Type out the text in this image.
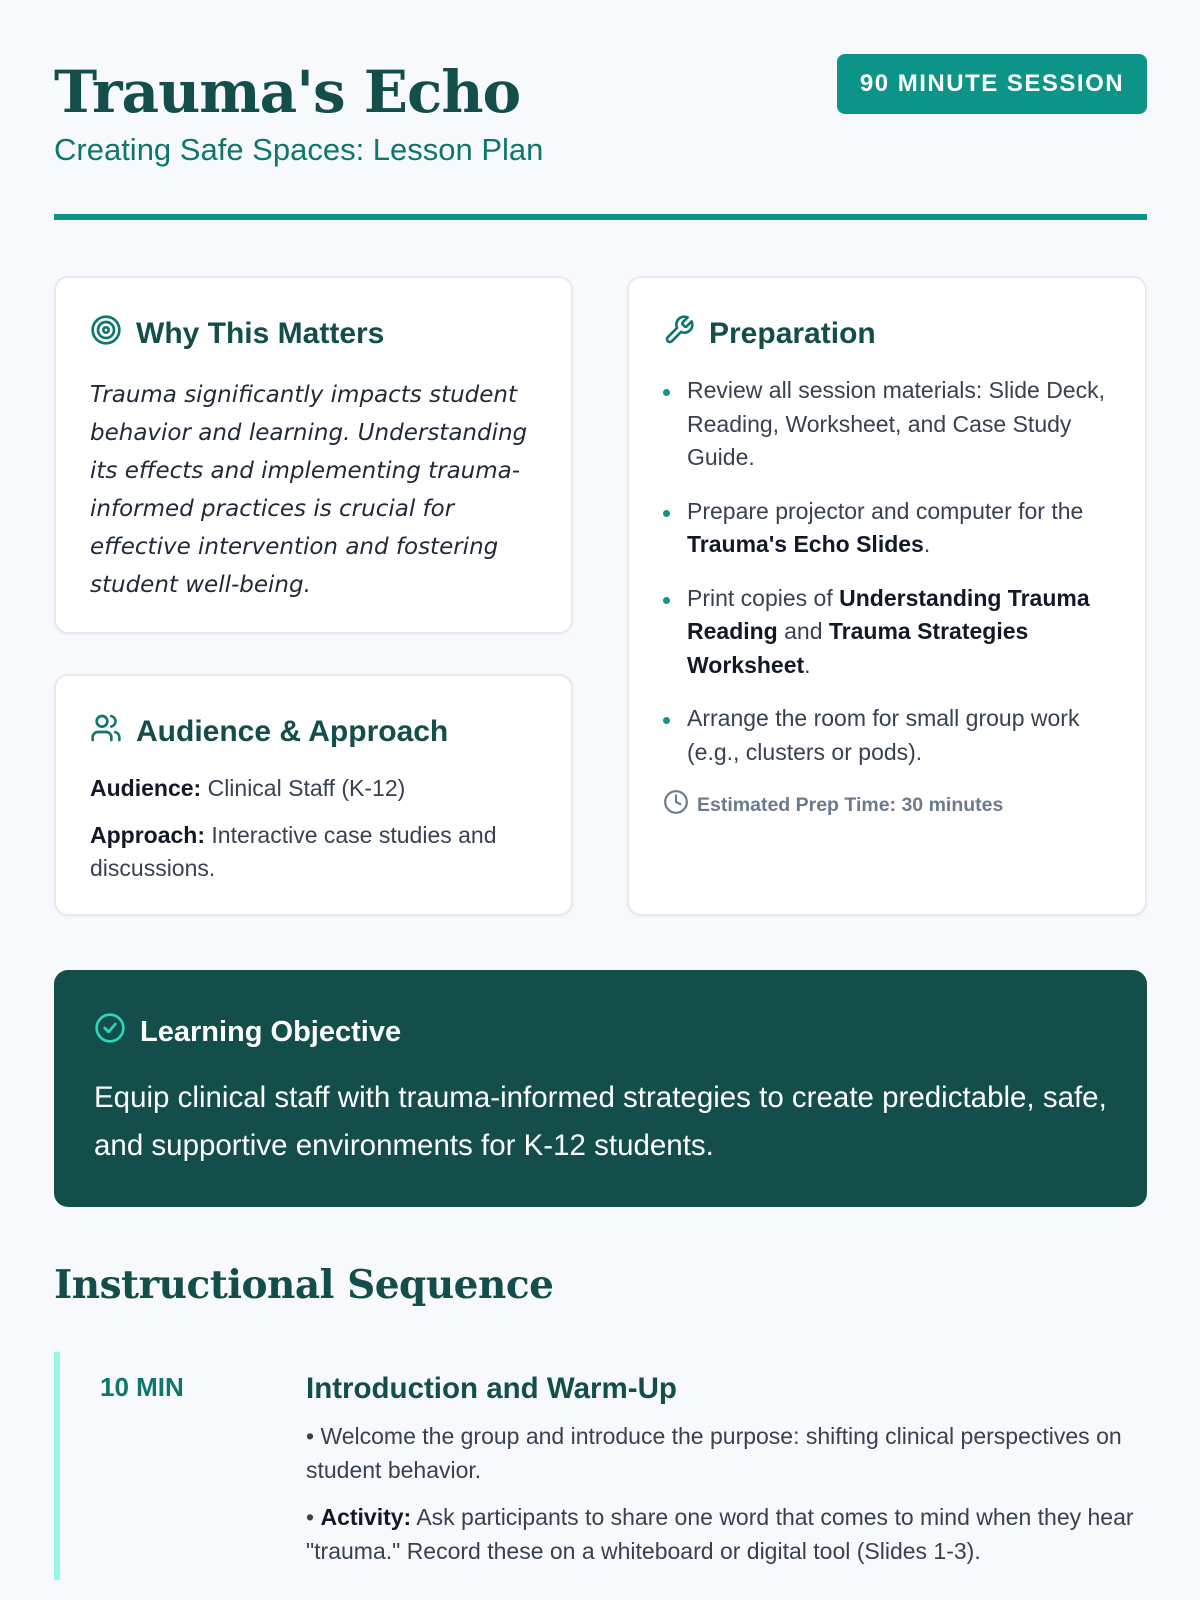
Trauma's Echo
Creating Safe Spaces: Lesson Plan
90 MINUTE SESSION
Why This Matters

Trauma significantly impacts student behavior and learning. Understanding its effects and implementing trauma-informed practices is crucial for effective intervention and fostering student well-being.

Audience & Approach

Audience: Clinical Staff (K-12)

Approach: Interactive case studies and discussions.

Preparation
Review all session materials: Slide Deck, Reading, Worksheet, and Case Study Guide.
Prepare projector and computer for the Trauma's Echo Slides.
Print copies of Understanding Trauma Reading and Trauma Strategies Worksheet.
Arrange the room for small group work (e.g., clusters or pods).
Estimated Prep Time: 30 minutes
Learning Objective

Equip clinical staff with trauma-informed strategies to create predictable, safe, and supportive environments for K-12 students.

Instructional Sequence
10 MIN	Introduction and Warm-Up

• Welcome the group and introduce the purpose: shifting clinical perspectives on student behavior.

• Activity: Ask participants to share one word that comes to mind when they hear "trauma." Record these on a whiteboard or digital tool (Slides 1-3).
